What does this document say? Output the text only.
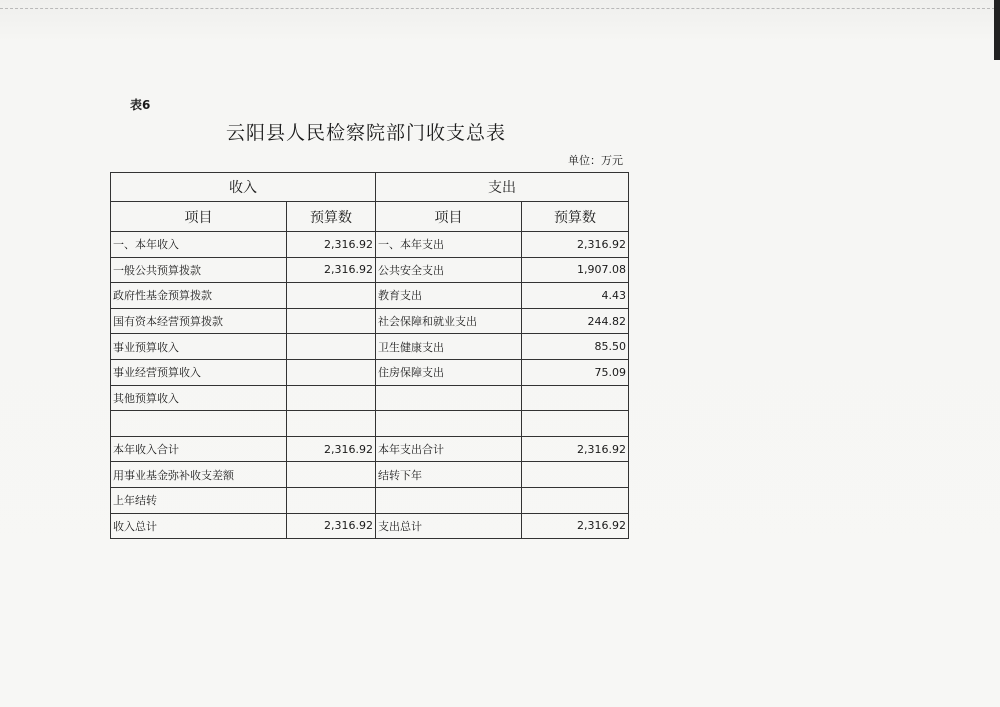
表6
云阳县人民检察院部门收支总表
单位：万元
收入		支出	
项目	预算数	项目	预算数
一、本年收入	2,316.92	一、本年支出	2,316.92
一般公共预算拨款	2,316.92	公共安全支出	1,907.08
政府性基金预算拨款		教育支出	4.43
国有资本经营预算拨款		社会保障和就业支出	244.82
事业预算收入		卫生健康支出	85.50
事业经营预算收入		住房保障支出	75.09
其他预算收入			

本年收入合计	2,316.92	本年支出合计	2,316.92
用事业基金弥补收支差额		结转下年	
上年结转			
收入总计	2,316.92	支出总计	2,316.92
